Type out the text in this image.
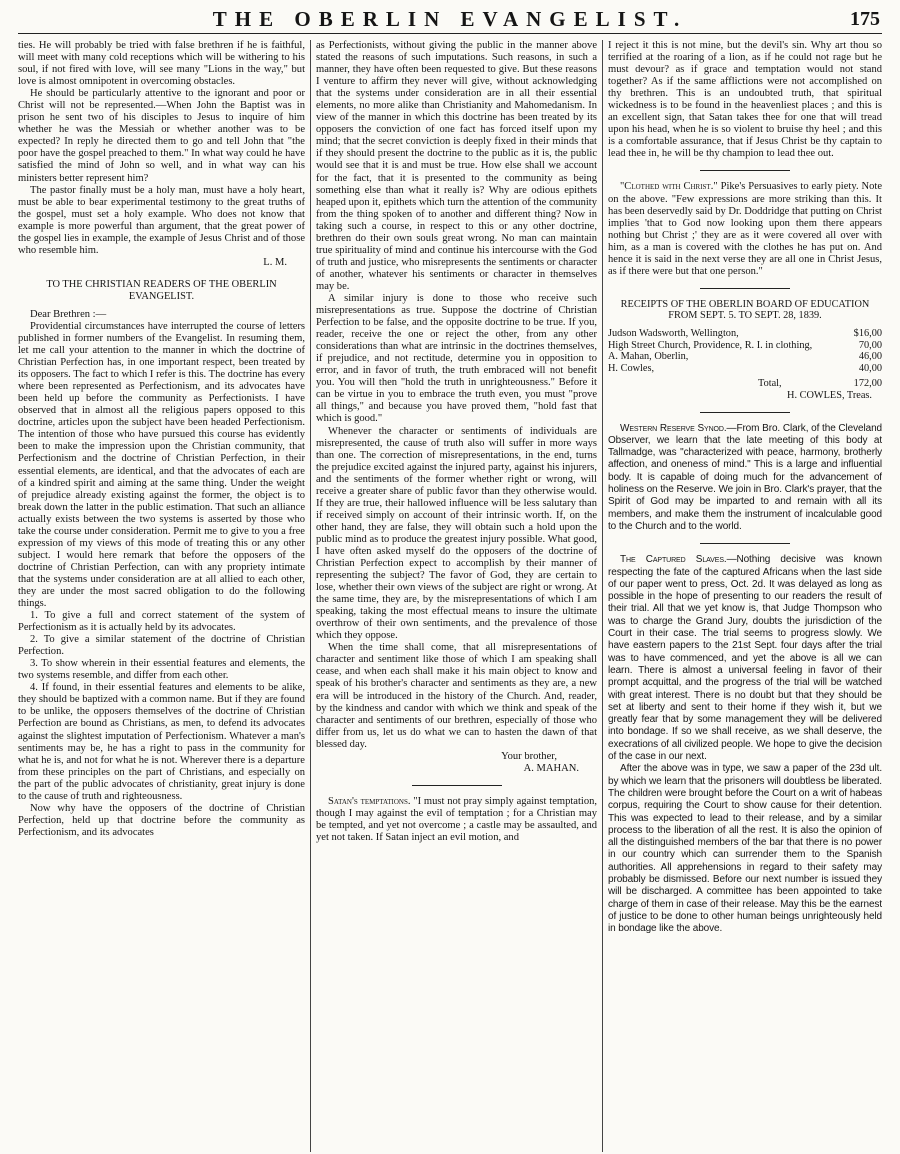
THE OBERLIN EVANGELIST.	175

ties. He will probably be tried with false brethren if he is faithful, will meet with many cold receptions which will be withering to his soul, if not fired with love, will see many "Lions in the way," but love is almost omnipotent in overcoming obstacles.

He should be particularly attentive to the ignorant and poor or Christ will not be represented.—When John the Baptist was in prison he sent two of his disciples to Jesus to inquire of him whether he was the Messiah or whether another was to be expected? In reply he directed them to go and tell John that "the poor have the gospel preached to them." In what way could he have satisfied the mind of John so well, and in what way can his ministers better represent him?

The pastor finally must be a holy man, must have a holy heart, must be able to bear experimental testimony to the great truths of the gospel, must set a holy example. Who does not know that example is more powerful than argument, that the great power of the gospel lies in example, the example of Jesus Christ and of those who resemble him.

L. M.
TO THE CHRISTIAN READERS OF THE OBERLIN EVANGELIST.

Dear Brethren :—

Providential circumstances have interrupted the course of letters published in former numbers of the Evangelist. In resuming them, let me call your attention to the manner in which the doctrine of Christian Perfection has, in one important respect, been treated by its opposers. The fact to which I refer is this. The doctrine has every where been represented as Perfectionism, and its advocates have been held up before the community as Perfectionists. I have observed that in almost all the religious papers opposed to this doctrine, articles upon the subject have been headed Perfectionism. The intention of those who have pursued this course has evidently been to make the impression upon the Christian community, that Perfectionism and the doctrine of Christian Perfection, in their essential elements, are identical, and that the advocates of each are of a kindred spirit and aiming at the same thing. Under the weight of prejudice already existing against the former, the object is to break down the latter in the public estimation. That such an alliance actually exists between the two systems is asserted by those who take the course under consideration. Permit me to give to you a free expression of my views of this mode of treating this or any other subject. I would here remark that before the opposers of the doctrine of Christian Perfection, can with any propriety intimate that the systems under consideration are at all allied to each other, they are under the most sacred obligation to do the following things.

1. To give a full and correct statement of the system of Perfectionism as it is actually held by its advocates.

2. To give a similar statement of the doctrine of Christian Perfection.

3. To show wherein in their essential features and elements, the two systems resemble, and differ from each other.

4. If found, in their essential features and elements to be alike, they should be baptized with a common name. But if they are found to be unlike, the opposers themselves of the doctrine of Christian Perfection are bound as Christians, as men, to defend its advocates against the slightest imputation of Perfectionism. Whatever a man's sentiments may be, he has a right to pass in the community for what he is, and not for what he is not. Wherever there is a departure from these principles on the part of Christians, and especially on the part of the public advocates of christianity, great injury is done to the cause of truth and righteousness.

Now why have the opposers of the doctrine of Christian Perfection, held up that doctrine before the community as Perfectionism, and its advocates

as Perfectionists, without giving the public in the manner above stated the reasons of such imputations. Such reasons, in such a manner, they have often been requested to give. But these reasons I venture to affirm they never will give, without acknowledging that the systems under consideration are in all their essential elements, no more alike than Christianity and Mahomedanism. In view of the manner in which this doctrine has been treated by its opposers the conviction of one fact has forced itself upon my mind; that the secret conviction is deeply fixed in their minds that if they should present the doctrine to the public as it is, the public would see that it is and must be true. How else shall we account for the fact, that it is presented to the community as being something else than what it really is? Why are odious epithets heaped upon it, epithets which turn the attention of the community from the thing spoken of to another and different thing? Now in taking such a course, in respect to this or any other doctrine, brethren do their own souls great wrong. No man can maintain true spirituality of mind and continue his intercourse with the God of truth and justice, who misrepresents the sentiments or character of another, whatever his sentiments or character in themselves may be.

A similar injury is done to those who receive such misrepresentations as true. Suppose the doctrine of Christian Perfection to be false, and the opposite doctrine to be true. If you, reader, receive the one or reject the other, from any other considerations than what are intrinsic in the doctrines themselves, if prejudice, and not rectitude, determine you in opposition to error, and in favor of truth, the truth embraced will not benefit you. You will then "hold the truth in unrighteousness." Before it can be virtue in you to embrace the truth even, you must "prove all things," and because you have proved them, "hold fast that which is good."

Whenever the character or sentiments of individuals are misrepresented, the cause of truth also will suffer in more ways than one. The correction of misrepresentations, in the end, turns the prejudice excited against the injured party, against his injurers, and the sentiments of the former whether right or wrong, will receive a greater share of public favor than they otherwise would. If they are true, their hallowed influence will be less salutary than if received simply on account of their intrinsic worth. If, on the other hand, they are false, they will obtain such a hold upon the public mind as to produce the greatest injury possible. What good, I have often asked myself do the opposers of the doctrine of Christian Perfection expect to accomplish by their manner of representing the subject? The favor of God, they are certain to lose, whether their own views of the subject are right or wrong. At the same time, they are, by the misrepresentations of which I am speaking, taking the most effectual means to insure the ultimate overthrow of their own sentiments, and the prevalence of those which they oppose.

When the time shall come, that all misrepresentations of character and sentiment like those of which I am speaking shall cease, and when each shall make it his main object to know and speak of his brother's character and sentiments as they are, a new era will be introduced in the history of the Church. And, reader, by the kindness and candor with which we think and speak of the character and sentiments of our brethren, especially of those who differ from us, let us do what we can to hasten the dawn of that blessed day.

Your brother,
A. MAHAN.

Satan's temptations. "I must not pray simply against temptation, though I may against the evil of temptation ; for a Christian may be tempted, and yet not overcome ; a castle may be assaulted, and yet not taken. If Satan inject an evil motion, and

I reject it this is not mine, but the devil's sin. Why art thou so terrified at the roaring of a lion, as if he could not rage but he must devour? as if grace and temptation would not stand together? As if the same afflictions were not accomplished on thy brethren. This is an undoubted truth, that spiritual wickedness is to be found in the heavenliest places ; and this is an excellent sign, that Satan takes thee for one that will tread upon his head, when he is so violent to bruise thy heel ; and this is a comfortable assurance, that if Jesus Christ be thy captain to lead thee in, he will be thy champion to lead thee out.

"Clothed with Christ." Pike's Persuasives to early piety. Note on the above. "Few expressions are more striking than this. It has been deservedly said by Dr. Doddridge that putting on Christ implies 'that to God now looking upon them there appears nothing but Christ ;' they are as it were covered all over with him, as a man is covered with the clothes he has put on. And hence it is said in the next verse they are all one in Christ Jesus, as if there were but that one person."

RECEIPTS OF THE OBERLIN BOARD OF EDUCATION FROM SEPT. 5. TO SEPT. 28, 1839.
Judson Wadsworth, Wellington,	$16,00
High Street Church, Providence, R. I. in clothing,	70,00
A. Mahan, Oberlin,	46,00
H. Cowles,	40,00
Total,	172,00
H. COWLES, Treas.

Western Reserve Synod.—From Bro. Clark, of the Cleveland Observer, we learn that the late meeting of this body at Tallmadge, was "characterized with peace, harmony, brotherly affection, and oneness of mind." This is a large and influential body. It is capable of doing much for the advancement of holiness on the Reserve. We join in Bro. Clark's prayer, that the Spirit of God may be imparted to and remain with all its members, and make them the instrument of incalculable good to the Church and to the world.

The Captured Slaves.—Nothing decisive was known respecting the fate of the captured Africans when the last side of our paper went to press, Oct. 2d. It was delayed as long as possible in the hope of presenting to our readers the result of their trial. All that we yet know is, that Judge Thompson who was to charge the Grand Jury, doubts the jurisdiction of the Court in their case. The trial seems to progress slowly. We have eastern papers to the 21st Sept. four days after the trial was to have commenced, and yet the above is all we can learn. There is almost a universal feeling in favor of their prompt acquittal, and the progress of the trial will be watched with great interest. There is no doubt but that they should be set at liberty and sent to their home if they wish it, but we greatly fear that by some management they will be delivered into bondage. If so we shall receive, as we shall deserve, the execrations of all civilized people. We hope to give the decision of the case in our next.

After the above was in type, we saw a paper of the 23d ult. by which we learn that the prisoners will doubtless be liberated. The children were brought before the Court on a writ of habeas corpus, requiring the Court to show cause for their detention. This was expected to lead to their release, and by a similar process to the liberation of all the rest. It is also the opinion of all the distinguished members of the bar that there is no power in our country which can surrender them to the Spanish authorities. All apprehensions in regard to their safety may probably be dismissed. Before our next number is issued they will be discharged. A committee has been appointed to take charge of them in case of their release. May this be the earnest of justice to be done to other human beings unrighteously held in bondage like the above.
